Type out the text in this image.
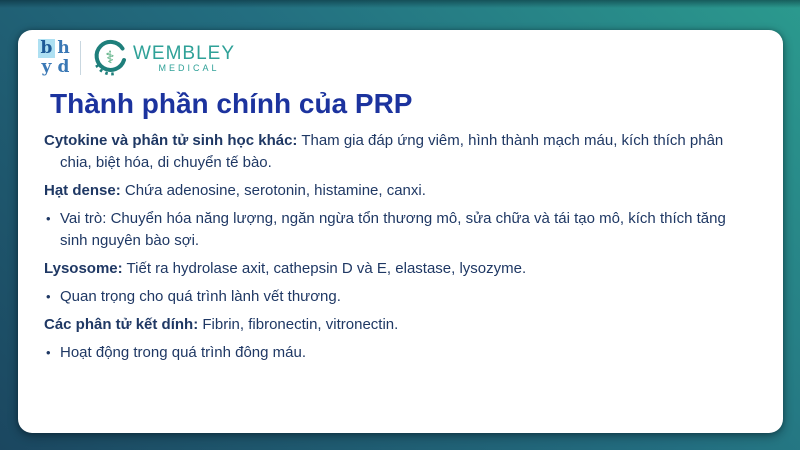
b h
y d	⚕ WEMBLEY
MEDICAL
Thành phần chính của PRP
Cytokine và phân tử sinh học khác: Tham gia đáp ứng viêm, hình thành mạch máu, kích thích phân chia, biệt hóa, di chuyển tế bào.
Hạt dense: Chứa adenosine, serotonin, histamine, canxi.
• Vai trò: Chuyển hóa năng lượng, ngăn ngừa tổn thương mô, sửa chữa và tái tạo mô, kích thích tăng sinh nguyên bào sợi.
Lysosome: Tiết ra hydrolase axit, cathepsin D và E, elastase, lysozyme.
• Quan trọng cho quá trình lành vết thương.
Các phân tử kết dính: Fibrin, fibronectin, vitronectin.
• Hoạt động trong quá trình đông máu.
